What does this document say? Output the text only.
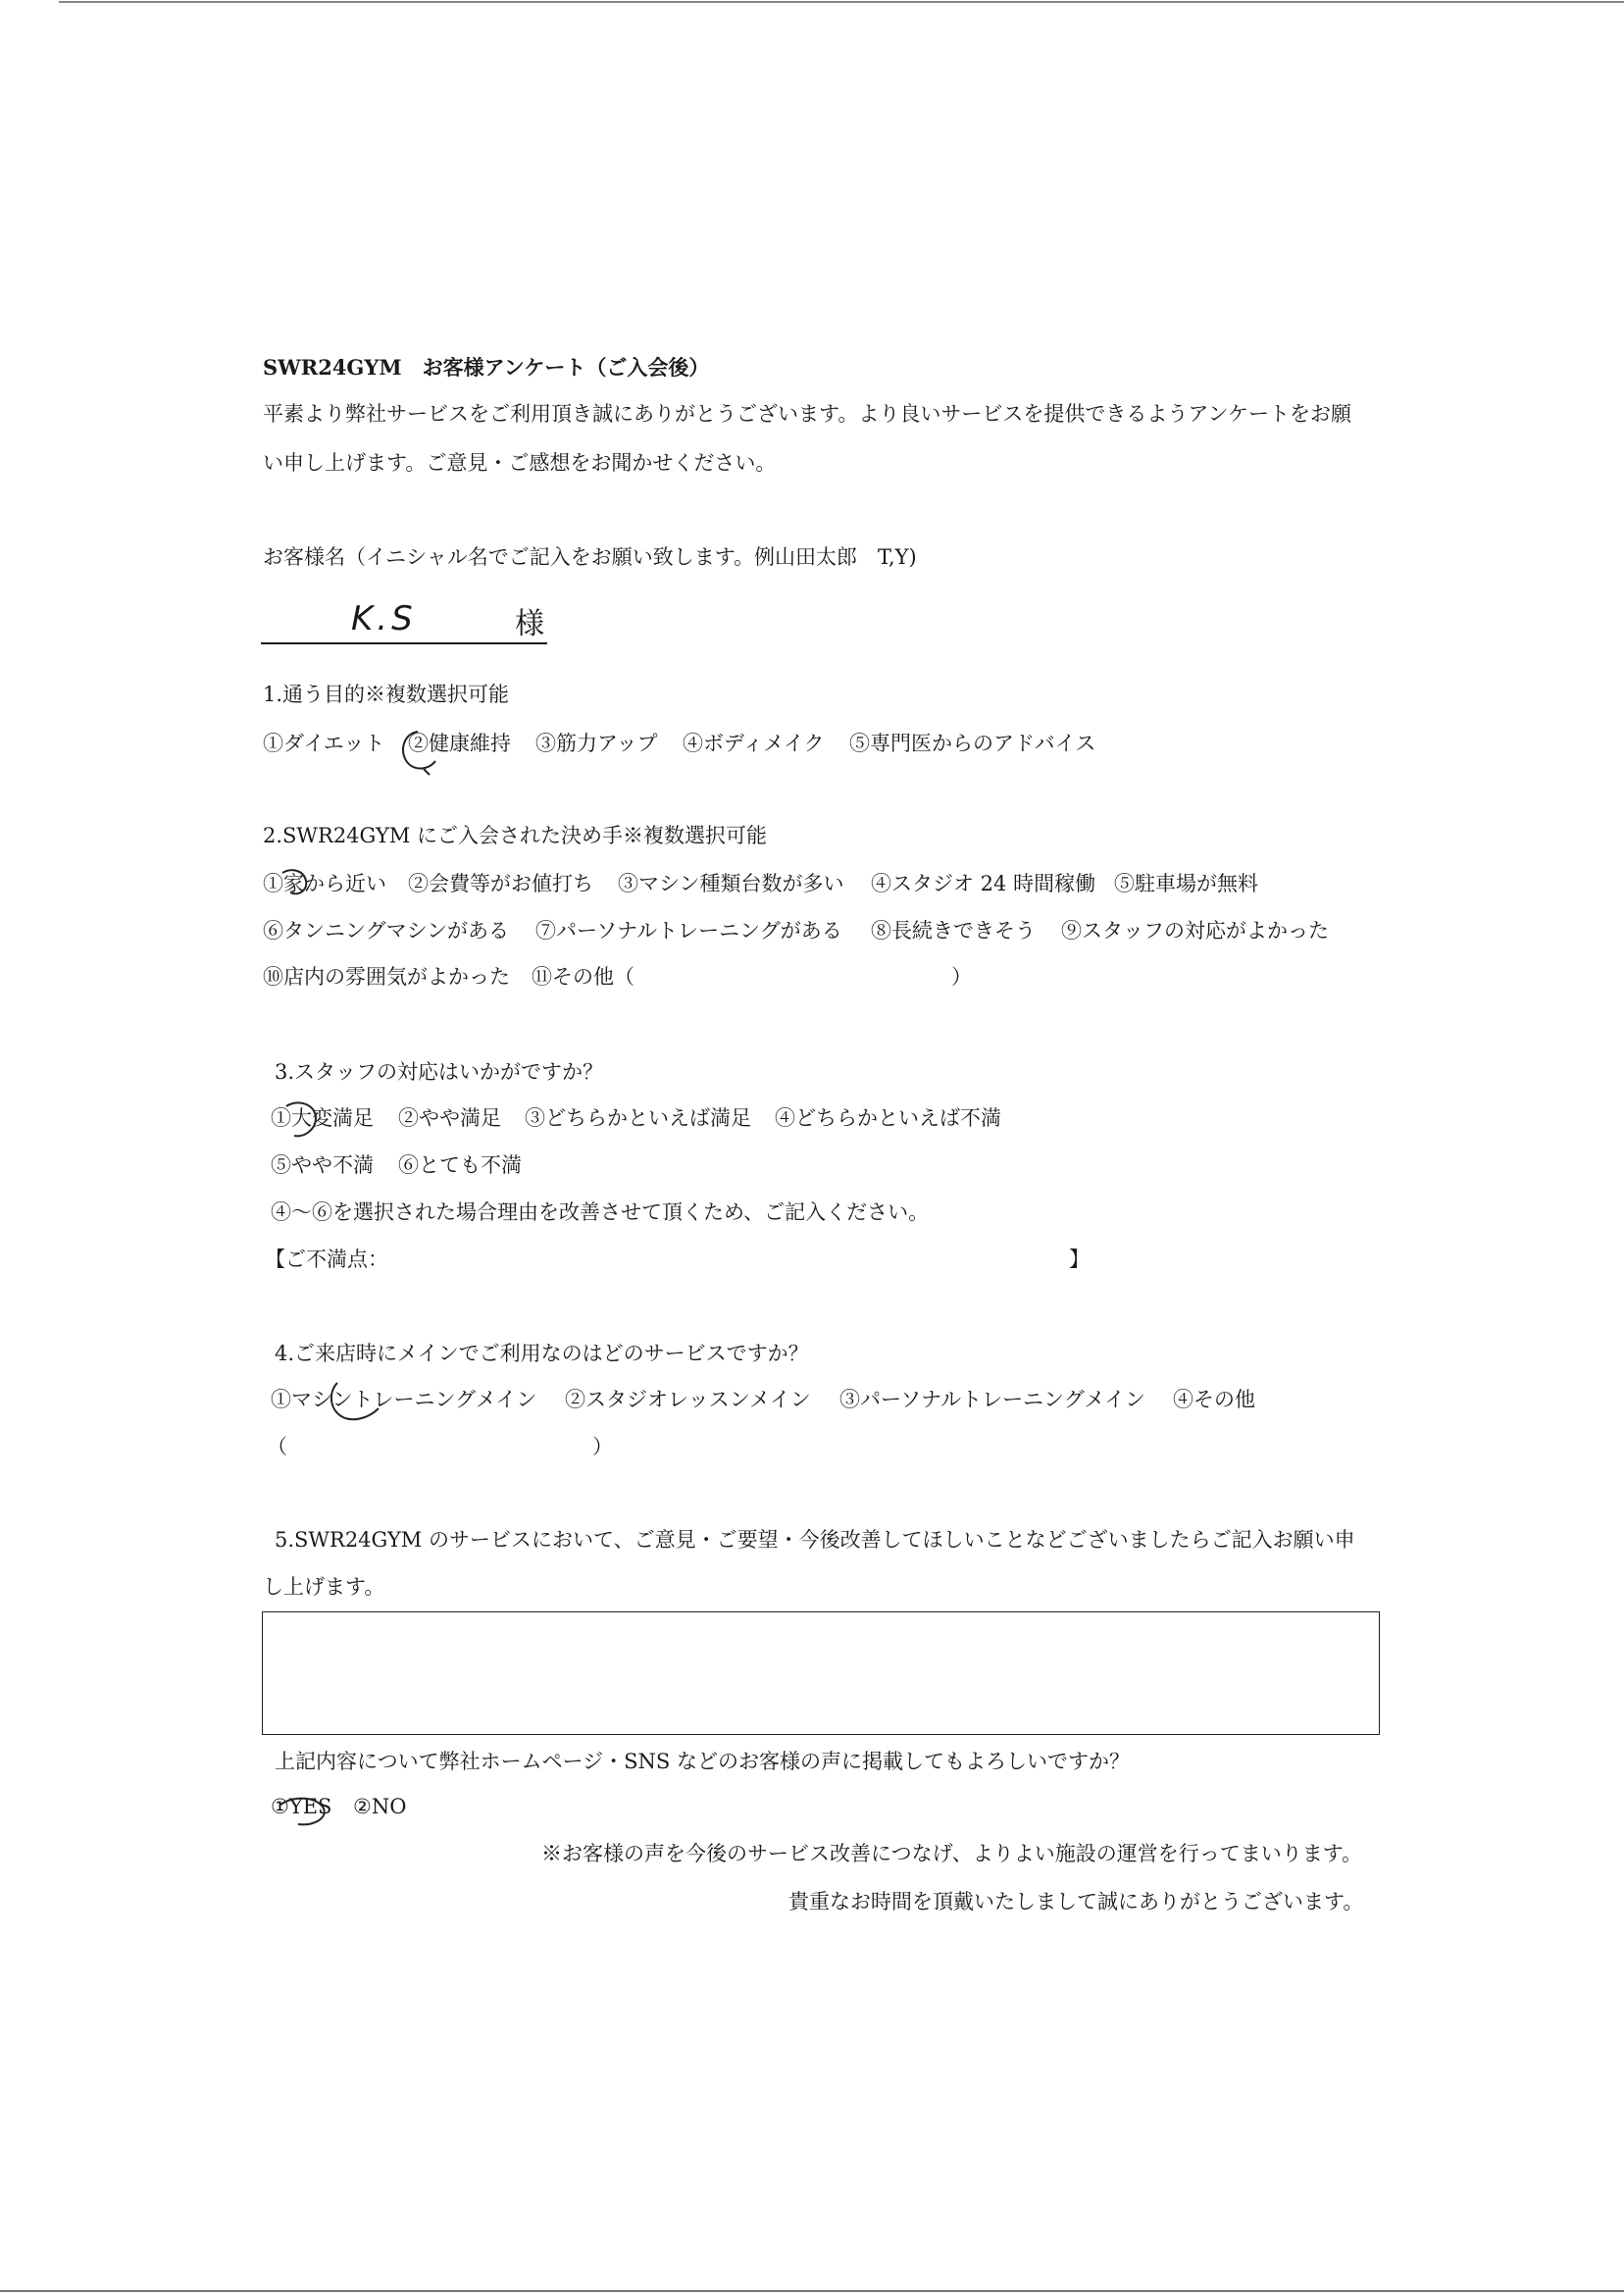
SWR24GYM　お客様アンケート（ご入会後）
平素より弊社サービスをご利用頂き誠にありがとうございます。より良いサービスを提供できるようアンケートをお願
い申し上げます。ご意見・ご感想をお聞かせください。
お客様名（イニシャル名でご記入をお願い致します。例山田太郎　T,Y)
K.S	様
1.通う目的※複数選択可能
①ダイエット ②健康維持 ③筋力アップ ④ボディメイク ⑤専門医からのアドバイス
2.SWR24GYM にご入会された決め手※複数選択可能
①家から近い ②会費等がお値打ち ③マシン種類台数が多い ④スタジオ 24 時間稼働 ⑤駐車場が無料
⑥タンニングマシンがある ⑦パーソナルトレーニングがある ⑧長続きできそう ⑨スタッフの対応がよかった
⑩店内の雰囲気がよかった ⑪その他（	）
3.スタッフの対応はいかがですか？
①大変満足 ②やや満足 ③どちらかといえば満足 ④どちらかといえば不満
⑤やや不満 ⑥とても不満
④～⑥を選択された場合理由を改善させて頂くため、ご記入ください。
【ご不満点：	】
4.ご来店時にメインでご利用なのはどのサービスですか？
①マシントレーニングメイン ②スタジオレッスンメイン ③パーソナルトレーニングメイン ④その他
（	）
5.SWR24GYM のサービスにおいて、ご意見・ご要望・今後改善してほしいことなどございましたらご記入お願い申
し上げます。
上記内容について弊社ホームページ・SNS などのお客様の声に掲載してもよろしいですか？
①YES ②NO
※お客様の声を今後のサービス改善につなげ、よりよい施設の運営を行ってまいります。
貴重なお時間を頂戴いたしまして誠にありがとうございます。
